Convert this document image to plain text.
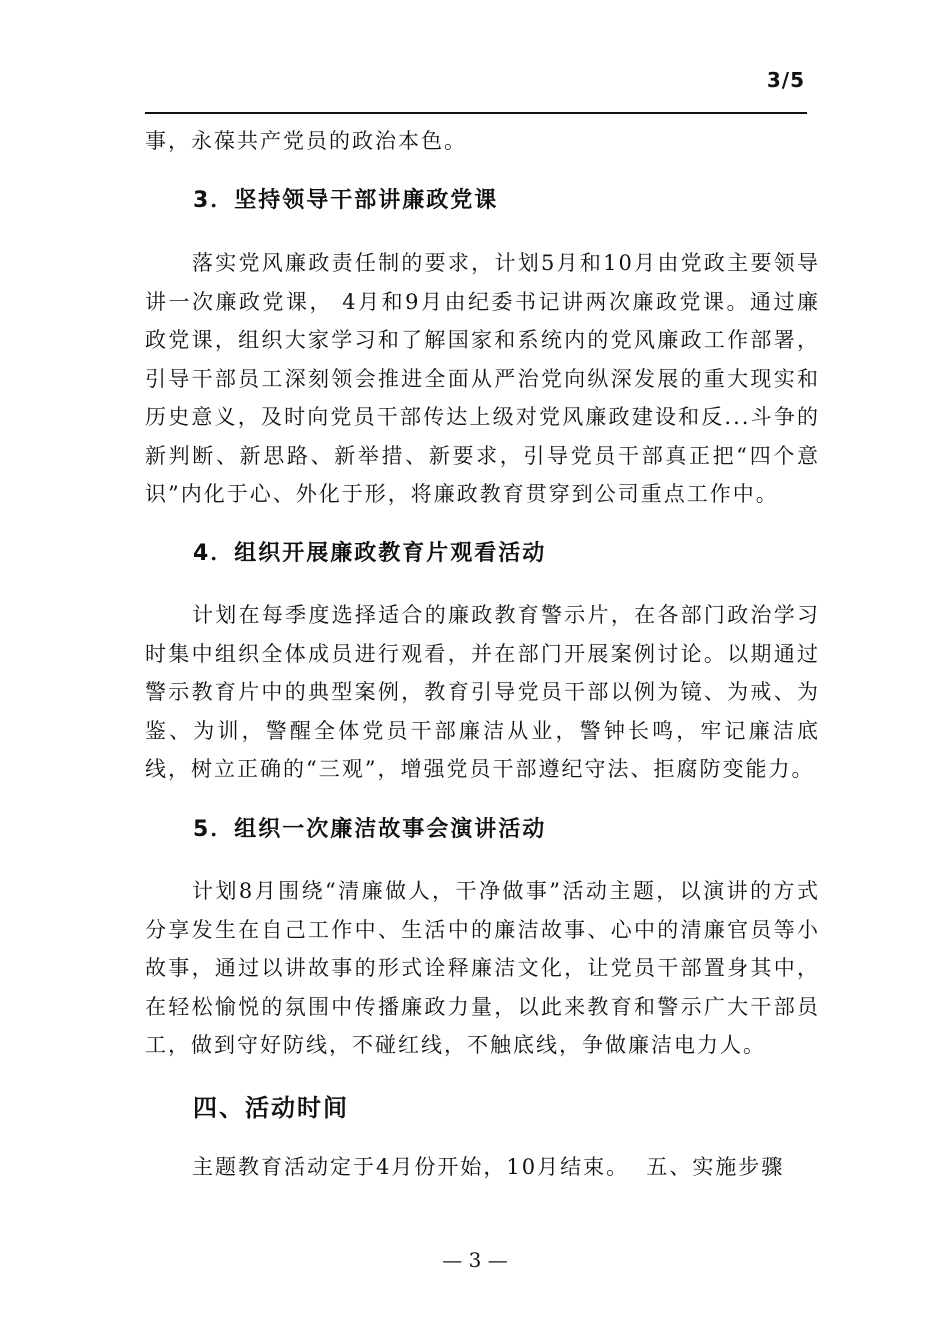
3/5

事，永葆共产党员的政治本色。

3．坚持领导干部讲廉政党课

落实党风廉政责任制的要求，计划5月和10月由党政主要领导讲一次廉政党课， 4月和9月由纪委书记讲两次廉政党课。通过廉政党课，组织大家学习和了解国家和系统内的党风廉政工作部署，引导干部员工深刻领会推进全面从严治党向纵深发展的重大现实和历史意义，及时向党员干部传达上级对党风廉政建设和反...斗争的新判断、新思路、新举措、新要求，引导党员干部真正把“四个意识”内化于心、外化于形，将廉政教育贯穿到公司重点工作中。

4．组织开展廉政教育片观看活动

计划在每季度选择适合的廉政教育警示片，在各部门政治学习时集中组织全体成员进行观看，并在部门开展案例讨论。以期通过警示教育片中的典型案例，教育引导党员干部以例为镜、为戒、为鉴、为训，警醒全体党员干部廉洁从业，警钟长鸣，牢记廉洁底线，树立正确的“三观”，增强党员干部遵纪守法、拒腐防变能力。

5．组织一次廉洁故事会演讲活动

计划8月围绕“清廉做人，干净做事”活动主题，以演讲的方式分享发生在自己工作中、生活中的廉洁故事、心中的清廉官员等小故事，通过以讲故事的形式诠释廉洁文化，让党员干部置身其中，在轻松愉悦的氛围中传播廉政力量，以此来教育和警示广大干部员工，做到守好防线，不碰红线，不触底线，争做廉洁电力人。

四、活动时间

主题教育活动定于4月份开始，10月结束。  五、实施步骤

— 3 —
